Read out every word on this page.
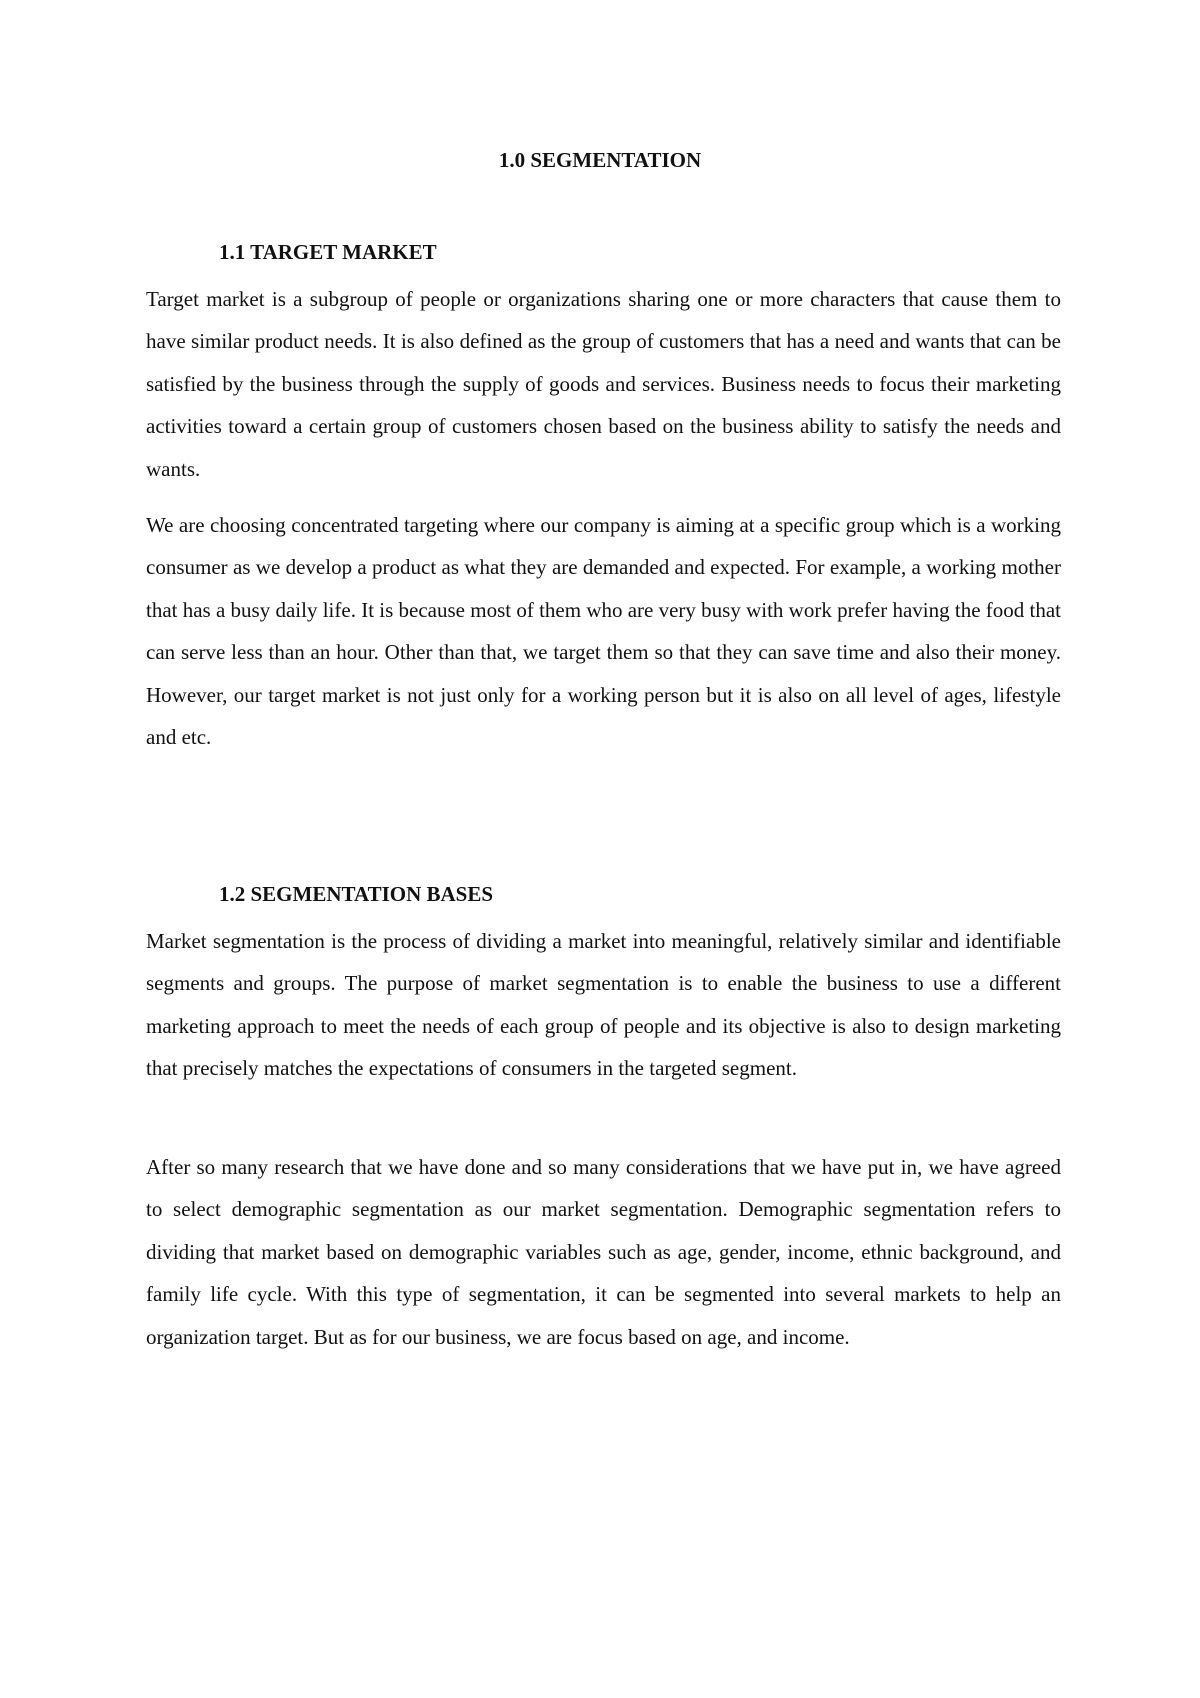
1.0 SEGMENTATION
1.1 TARGET MARKET

Target market is a subgroup of people or organizations sharing one or more characters that cause them to have similar product needs. It is also defined as the group of customers that has a need and wants that can be satisfied by the business through the supply of goods and services. Business needs to focus their marketing activities toward a certain group of customers chosen based on the business ability to satisfy the needs and wants.

We are choosing concentrated targeting where our company is aiming at a specific group which is a working consumer as we develop a product as what they are demanded and expected. For example, a working mother that has a busy daily life. It is because most of them who are very busy with work prefer having the food that can serve less than an hour. Other than that, we target them so that they can save time and also their money. However, our target market is not just only for a working person but it is also on all level of ages, lifestyle and etc.

1.2 SEGMENTATION BASES

Market segmentation is the process of dividing a market into meaningful, relatively similar and identifiable segments and groups. The purpose of market segmentation is to enable the business to use a different marketing approach to meet the needs of each group of people and its objective is also to design marketing that precisely matches the expectations of consumers in the targeted segment.

After so many research that we have done and so many considerations that we have put in, we have agreed to select demographic segmentation as our market segmentation. Demographic segmentation refers to dividing that market based on demographic variables such as age, gender, income, ethnic background, and family life cycle. With this type of segmentation, it can be segmented into several markets to help an organization target. But as for our business, we are focus based on age, and income.
